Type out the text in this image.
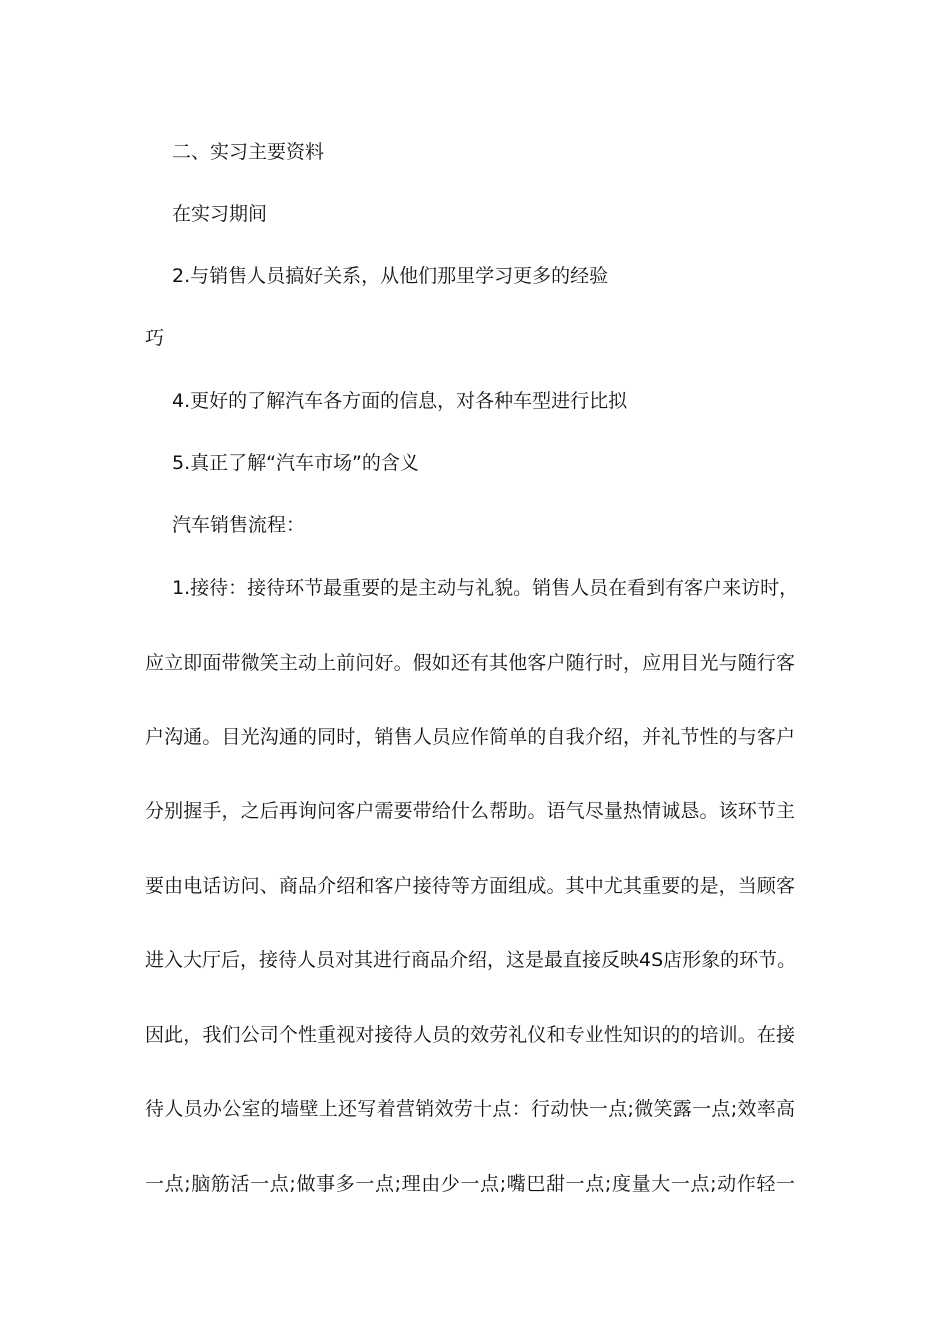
二、实习主要资料
在实习期间
2.与销售人员搞好关系，从他们那里学习更多的经验
巧
4.更好的了解汽车各方面的信息，对各种车型进行比拟
5.真正了解“汽车市场”的含义
汽车销售流程：
1.接待：接待环节最重要的是主动与礼貌。销售人员在看到有客户来访时，
应立即面带微笑主动上前问好。假如还有其他客户随行时，应用目光与随行客
户沟通。目光沟通的同时，销售人员应作简单的自我介绍，并礼节性的与客户
分别握手，之后再询问客户需要带给什么帮助。语气尽量热情诚恳。该环节主
要由电话访问、商品介绍和客户接待等方面组成。其中尤其重要的是，当顾客
进入大厅后，接待人员对其进行商品介绍，这是最直接反映4S店形象的环节。
因此，我们公司个性重视对接待人员的效劳礼仪和专业性知识的的培训。在接
待人员办公室的墙壁上还写着营销效劳十点：行动快一点;微笑露一点;效率高
一点;脑筋活一点;做事多一点;理由少一点;嘴巴甜一点;度量大一点;动作轻一
